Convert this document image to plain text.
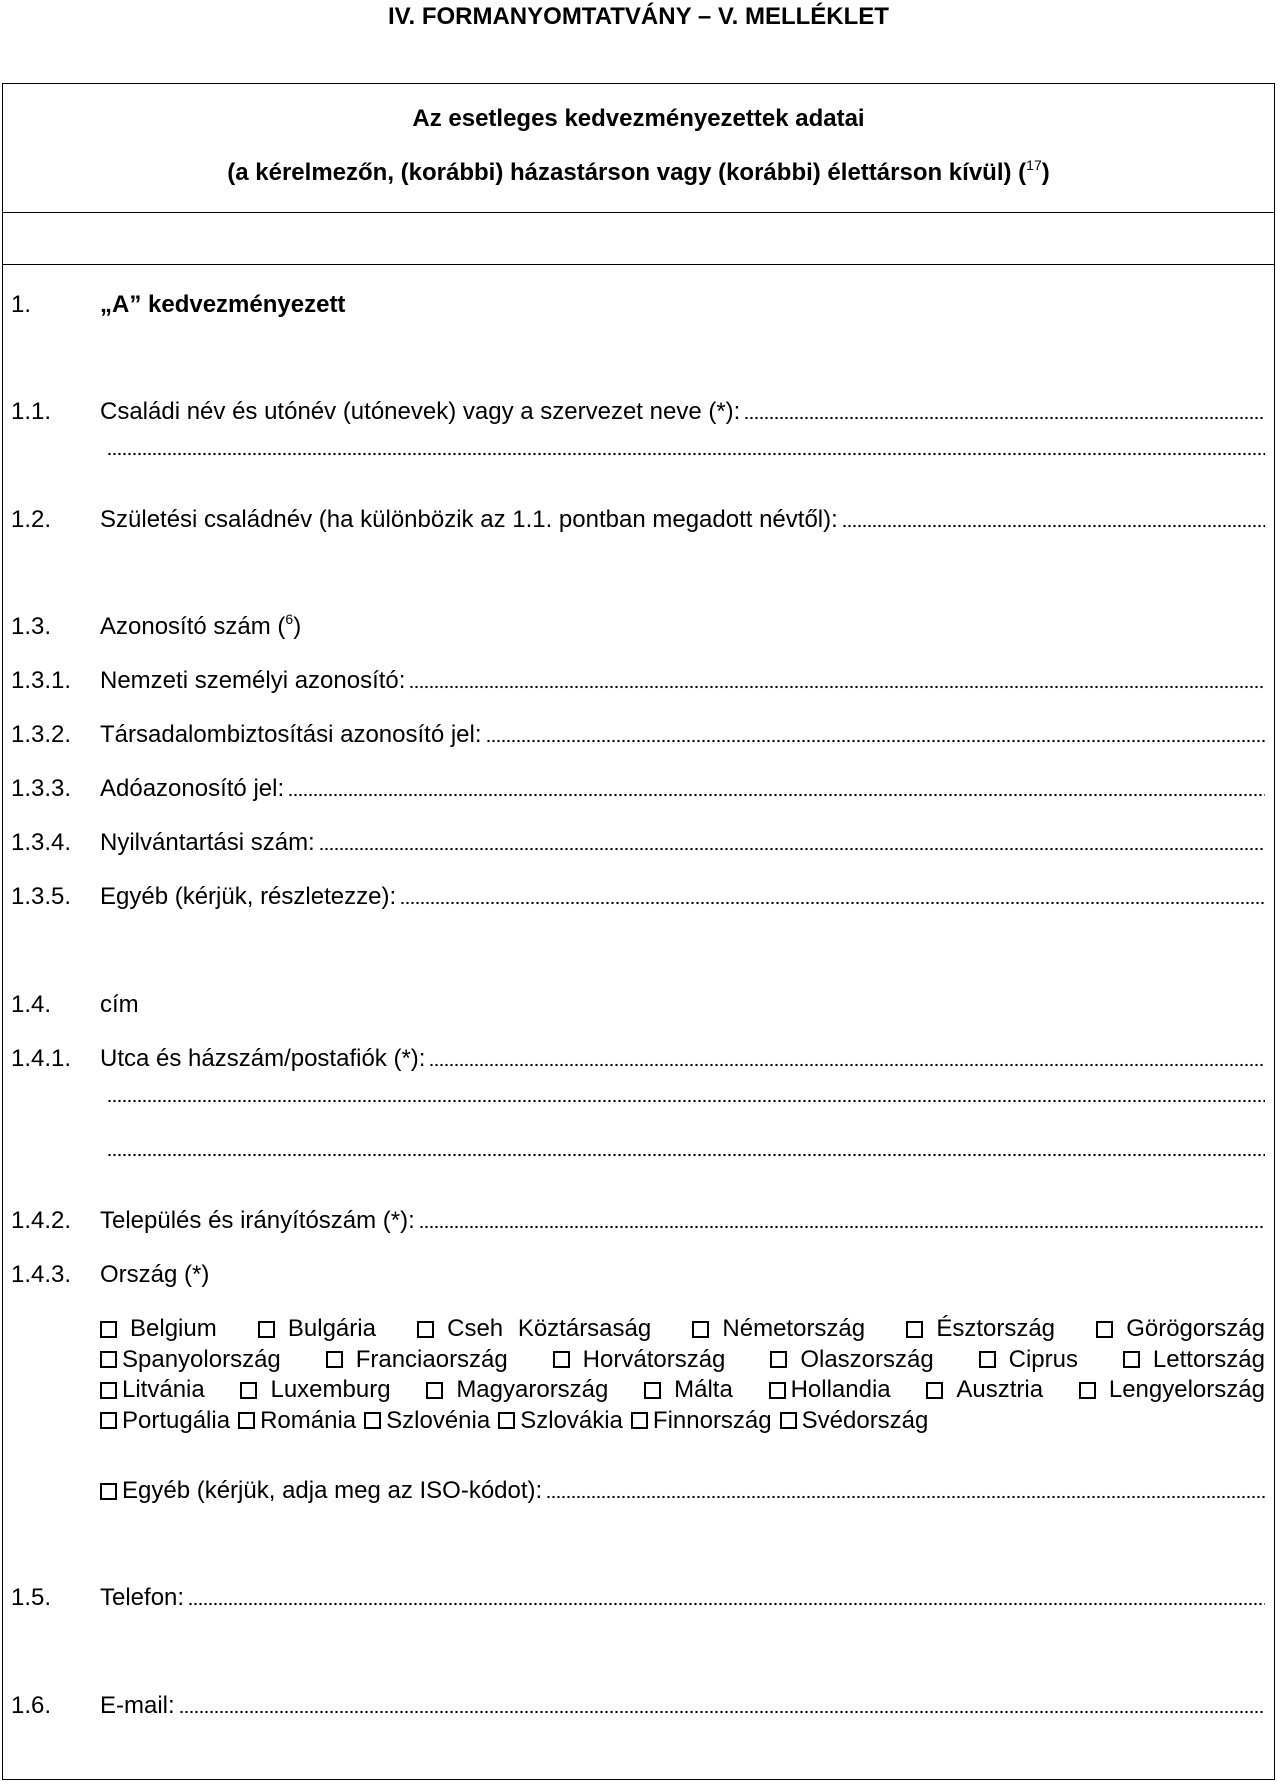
IV. FORMANYOMTATVÁNY – V. MELLÉKLET
Az esetleges kedvezményezettek adatai
(a kérelmezőn, (korábbi) házastárson vagy (korábbi) élettárson kívül) ($^{17}$)
1.	„A” kedvezményezett
1.1. Családi név és utónév (utónevek) vagy a szervezet neve (*):
1.2. Születési családnév (ha különbözik az 1.1. pontban megadott névtől):
1.3. Azonosító szám ($^6$)
1.3.1. Nemzeti személyi azonosító:
1.3.2. Társadalombiztosítási azonosító jel:
1.3.3. Adóazonosító jel:
1.3.4. Nyilvántartási szám:
1.3.5. Egyéb (kérjük, részletezze):
1.4. cím
1.4.1. Utca és házszám/postafiók (*):
1.4.2. Település és irányítószám (*):
1.4.3. Ország (*)
Belgium	Bulgária	Cseh Köztársaság	Németország	Észtország	Görögország
Spanyolország	Franciaország	Horvátország	Olaszország	Ciprus	Lettország
Litvánia	Luxemburg	Magyarország	Málta Hollandia	Ausztria	Lengyelország
Portugália Románia Szlovénia Szlovákia Finnország Svédország
Egyéb (kérjük, adja meg az ISO-kódot):
1.5. Telefon:
1.6. E-mail:
